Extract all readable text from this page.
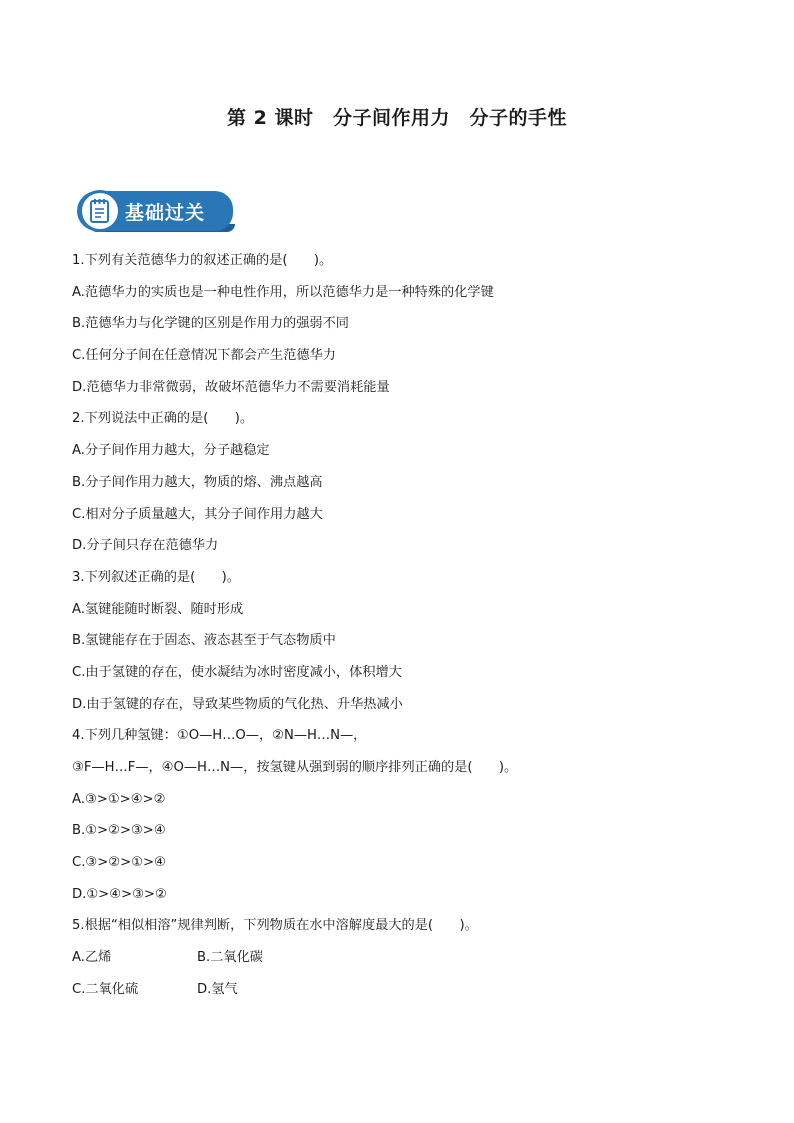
第 2 课时　分子间作用力　分子的手性
基础过关
1.下列有关范德华力的叙述正确的是(　　)。
A.范德华力的实质也是一种电性作用，所以范德华力是一种特殊的化学键
B.范德华力与化学键的区别是作用力的强弱不同
C.任何分子间在任意情况下都会产生范德华力
D.范德华力非常微弱，故破坏范德华力不需要消耗能量
2.下列说法中正确的是(　　)。
A.分子间作用力越大，分子越稳定
B.分子间作用力越大，物质的熔、沸点越高
C.相对分子质量越大，其分子间作用力越大
D.分子间只存在范德华力
3.下列叙述正确的是(　　)。
A.氢键能随时断裂、随时形成
B.氢键能存在于固态、液态甚至于气态物质中
C.由于氢键的存在，使水凝结为冰时密度减小，体积增大
D.由于氢键的存在，导致某些物质的气化热、升华热减小
4.下列几种氢键：①O—H…O—，②N—H…N—，
③F—H…F—，④O—H…N—，按氢键从强到弱的顺序排列正确的是(　　)。
A.③>①>④>②
B.①>②>③>④
C.③>②>①>④
D.①>④>③>②
5.根据“相似相溶”规律判断，下列物质在水中溶解度最大的是(　　)。
A.乙烯	B.二氧化碳
C.二氧化硫	D.氢气
